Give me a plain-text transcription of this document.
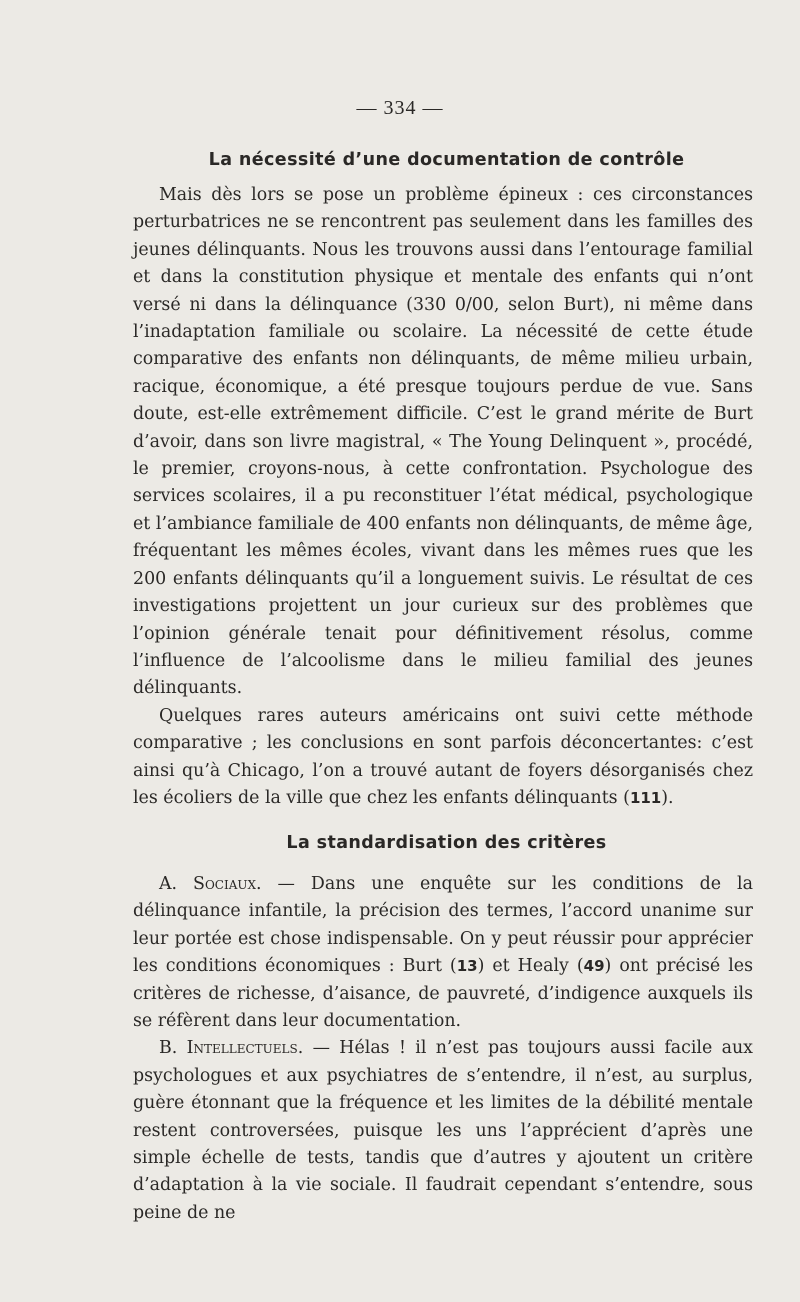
— 334 —
La nécessité d’une documentation de contrôle

Mais dès lors se pose un problème épineux : ces circonstances perturbatrices ne se rencontrent pas seulement dans les familles des jeunes délinquants. Nous les trouvons aussi dans l’entourage familial et dans la constitution physique et mentale des enfants qui n’ont versé ni dans la délinquance (330 0/00, selon Burt), ni même dans l’inadaptation familiale ou scolaire. La nécessité de cette étude comparative des enfants non délinquants, de même milieu urbain, racique, économique, a été presque toujours perdue de vue. Sans doute, est-elle extrêmement difficile. C’est le grand mérite de Burt d’avoir, dans son livre magistral, « The Young Delinquent », procédé, le premier, croyons-nous, à cette confrontation. Psychologue des services scolaires, il a pu reconstituer l’état médical, psychologique et l’ambiance familiale de 400 enfants non délinquants, de même âge, fréquentant les mêmes écoles, vivant dans les mêmes rues que les 200 enfants délinquants qu’il a longuement suivis. Le résultat de ces investigations projettent un jour curieux sur des problèmes que l’opinion générale tenait pour définitivement résolus, comme l’influence de l’alcoolisme dans le milieu familial des jeunes délinquants.

Quelques rares auteurs américains ont suivi cette méthode comparative ; les conclusions en sont parfois déconcertantes: c’est ainsi qu’à Chicago, l’on a trouvé autant de foyers désorganisés chez les écoliers de la ville que chez les enfants délinquants (111).

La standardisation des critères

A. Sociaux. — Dans une enquête sur les conditions de la délinquance infantile, la précision des termes, l’accord unanime sur leur portée est chose indispensable. On y peut réussir pour apprécier les conditions économiques : Burt (13) et Healy (49) ont précisé les critères de richesse, d’aisance, de pauvreté, d’indigence auxquels ils se réfèrent dans leur documentation.

B. Intellectuels. — Hélas ! il n’est pas toujours aussi facile aux psychologues et aux psychiatres de s’entendre, il n’est, au surplus, guère étonnant que la fréquence et les limites de la débilité mentale restent controversées, puisque les uns l’apprécient d’après une simple échelle de tests, tandis que d’autres y ajoutent un critère d’adaptation à la vie sociale. Il faudrait cependant s’entendre, sous peine de ne
